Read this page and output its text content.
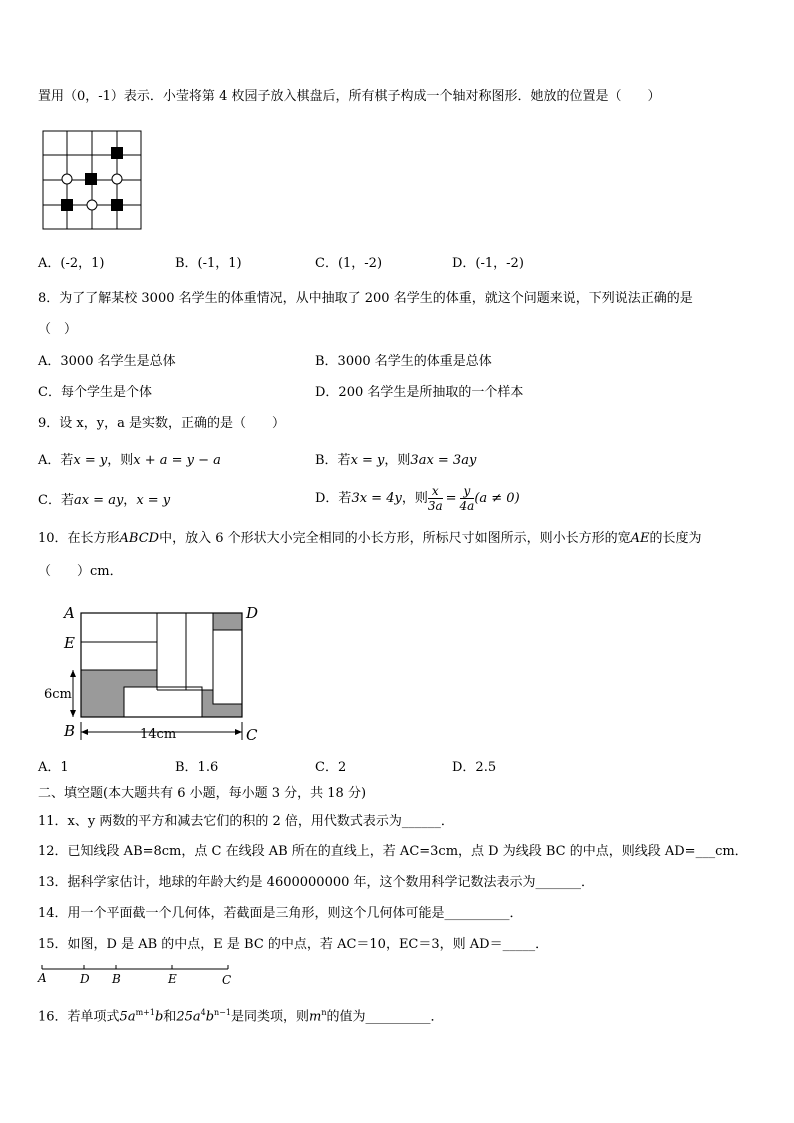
置用（0，-1）表示．小莹将第 4 枚园子放入棋盘后，所有棋子构成一个轴对称图形．她放的位置是（　　）
A．(-2，1)	B．(-1，1)	C．(1，-2)	D．(-1，-2)
8．为了了解某校 3000 名学生的体重情况，从中抽取了 200 名学生的体重，就这个问题来说，下列说法正确的是
（　）
A．3000 名学生是总体	B．3000 名学生的体重是总体
C．每个学生是个体	D．200 名学生是所抽取的一个样本
9．设 x，y，a 是实数，正确的是（　　）
A．若x = y，则x + a = y − a	B．若x = y，则3ax = 3ay
C．若ax = ay，x = y	D．若3x = 4y，则 $\frac{x}{3a} = \frac{y}{4a} (a \ne 0)$
10．在长方形ABCD中，放入 6 个形状大小完全相同的小长方形，所标尺寸如图所示，则小长方形的宽AE的长度为
（　　）cm．
A	D
E
B	C
6cm
14cm
A．1	B．1.6	C．2	D．2.5
二、填空题(本大题共有 6 小题，每小题 3 分，共 18 分)
11．x、y 两数的平方和减去它们的积的 2 倍，用代数式表示为______．
12．已知线段 AB=8cm，点 C 在线段 AB 所在的直线上，若 AC=3cm，点 D 为线段 BC 的中点，则线段 AD=___cm．
13．据科学家估计，地球的年龄大约是 4600000000 年，这个数用科学记数法表示为_______．
14．用一个平面截一个几何体，若截面是三角形，则这个几何体可能是__________．
15．如图，D 是 AB 的中点，E 是 BC 的中点，若 AC＝10，EC＝3，则 AD＝_____．
A	D B	E	C
16．若单项式$5a^{m+1}b$和$25a^4b^{n-1}$是同类项，则$m^n$的值为__________．
